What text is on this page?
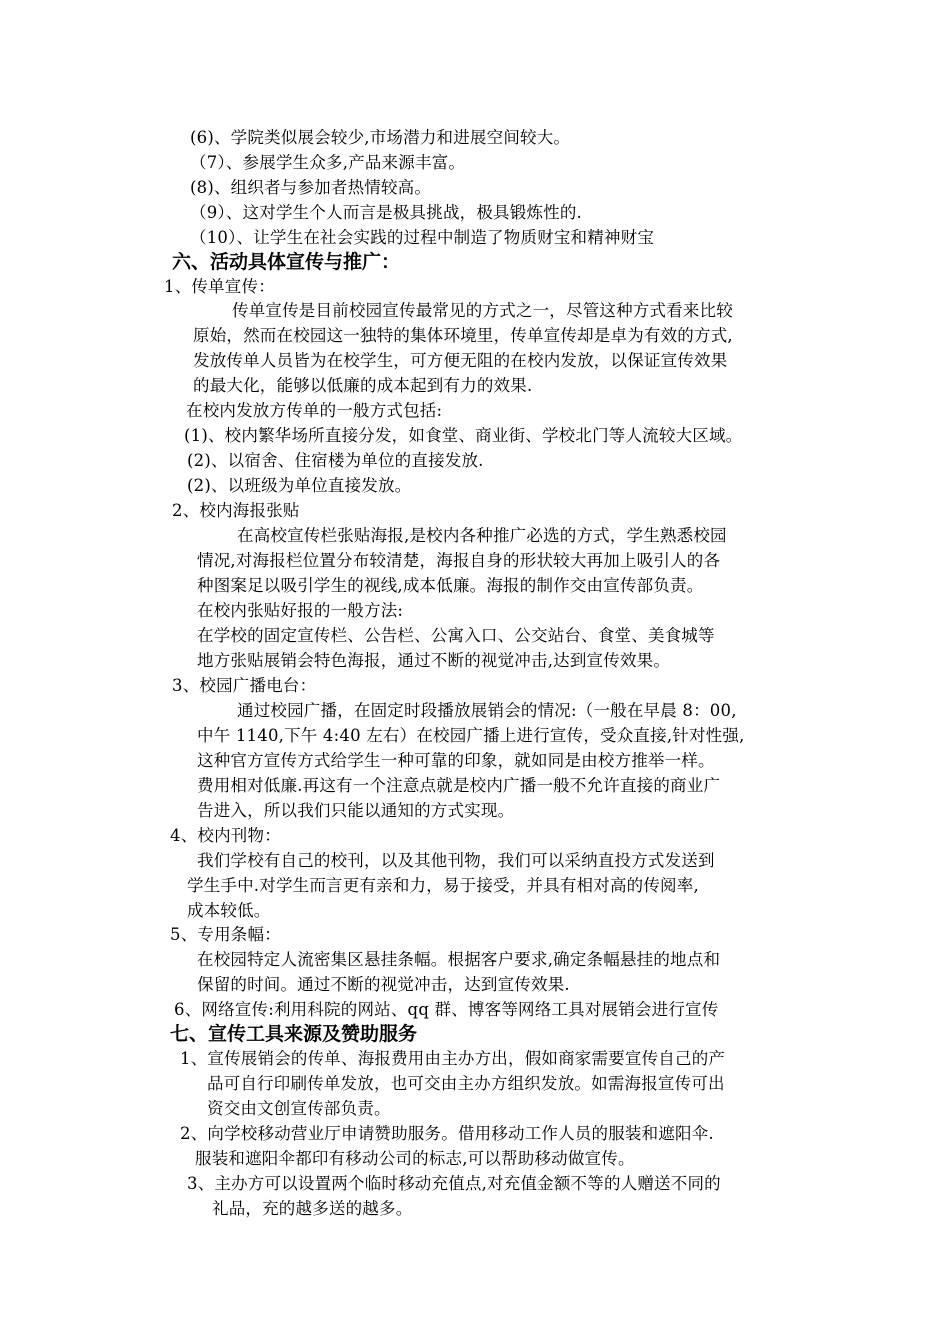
(6)、学院类似展会较少,市场潜力和进展空间较大。
（7）、参展学生众多,产品来源丰富。
(8)、组织者与参加者热情较高。
（9）、这对学生个人而言是极具挑战，极具锻炼性的.
（10）、让学生在社会实践的过程中制造了物质财宝和精神财宝
六、活动具体宣传与推广：
1、传单宣传：
传单宣传是目前校园宣传最常见的方式之一，尽管这种方式看来比较
原始，然而在校园这一独特的集体环境里，传单宣传却是卓为有效的方式,
发放传单人员皆为在校学生，可方便无阻的在校内发放，以保证宣传效果
的最大化，能够以低廉的成本起到有力的效果.
在校内发放方传单的一般方式包括:
(1)、校内繁华场所直接分发，如食堂、商业街、学校北门等人流较大区域。
(2)、以宿舍、住宿楼为单位的直接发放.
(2)、以班级为单位直接发放。
2、校内海报张贴
在高校宣传栏张贴海报,是校内各种推广必选的方式，学生熟悉校园
情况,对海报栏位置分布较清楚，海报自身的形状较大再加上吸引人的各
种图案足以吸引学生的视线,成本低廉。海报的制作交由宣传部负责。
在校内张贴好报的一般方法:
在学校的固定宣传栏、公告栏、公寓入口、公交站台、食堂、美食城等
地方张贴展销会特色海报，通过不断的视觉冲击,达到宣传效果。
3、校园广播电台：
通过校园广播，在固定时段播放展销会的情况:（一般在早晨 8：00,
中午 1140,下午 4:40 左右）在校园广播上进行宣传，受众直接,针对性强,
这种官方宣传方式给学生一种可靠的印象，就如同是由校方推举一样。
费用相对低廉.再这有一个注意点就是校内广播一般不允许直接的商业广
告进入，所以我们只能以通知的方式实现。
4、校内刊物：
我们学校有自己的校刊，以及其他刊物，我们可以采纳直投方式发送到
学生手中.对学生而言更有亲和力，易于接受，并具有相对高的传阅率,
成本较低。
5、专用条幅：
在校园特定人流密集区悬挂条幅。根据客户要求,确定条幅悬挂的地点和
保留的时间。通过不断的视觉冲击，达到宣传效果.
6、网络宣传:利用科院的网站、qq 群、博客等网络工具对展销会进行宣传
七、宣传工具来源及赞助服务
1、宣传展销会的传单、海报费用由主办方出，假如商家需要宣传自己的产
品可自行印刷传单发放，也可交由主办方组织发放。如需海报宣传可出
资交由文创宣传部负责。
2、向学校移动营业厅申请赞助服务。借用移动工作人员的服装和遮阳伞.
服装和遮阳伞都印有移动公司的标志,可以帮助移动做宣传。
3、主办方可以设置两个临时移动充值点,对充值金额不等的人赠送不同的
礼品，充的越多送的越多。
